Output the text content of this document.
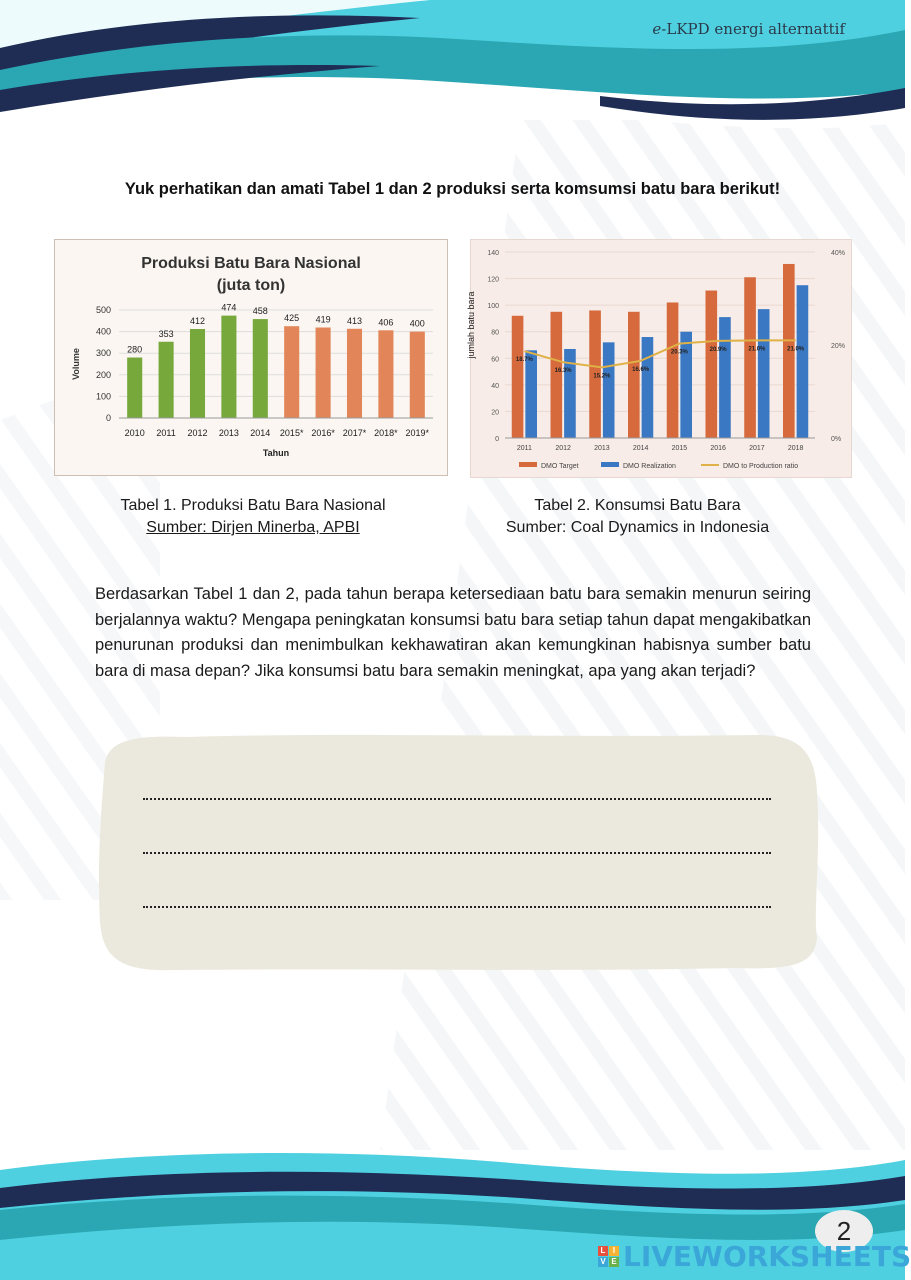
e-LKPD energi alternattif
Yuk perhatikan dan amati Tabel 1 dan 2 produksi serta komsumsi batu bara berikut!
Produksi Batu Bara Nasional
(juta ton)
0
100
200
300
400
500
Volume	280
2010
353
2011
412
2012
474
2013
458
2014
425
2015*
419
2016*
413
2017*
406
2018*
400
2019*
Tahun
0
20
40
60
80
100
120
140
0%
20%
40%
jumlah batu bara
2011	2012	2013	2014	2015	2016	2017	2018
18.7%
16.3%
15.2%
16.6%
20.3%	20.9%	21.0%	21.0%
DMO Target	DMO Realization	DMO to Production ratio
Tabel 1. Produksi Batu Bara Nasional
Sumber: Dirjen Minerba, APBI
Tabel 2. Konsumsi Batu Bara
Sumber: Coal Dynamics in Indonesia
Berdasarkan Tabel 1 dan 2, pada tahun berapa ketersediaan batu bara semakin menurun seiring berjalannya waktu? Mengapa peningkatan konsumsi batu bara setiap tahun dapat mengakibatkan penurunan produksi dan menimbulkan kekhawatiran akan kemungkinan habisnya sumber batu bara di masa depan? Jika konsumsi batu bara semakin meningkat, apa yang akan terjadi?
2
L I
V E LIVEWORKSHEETS
